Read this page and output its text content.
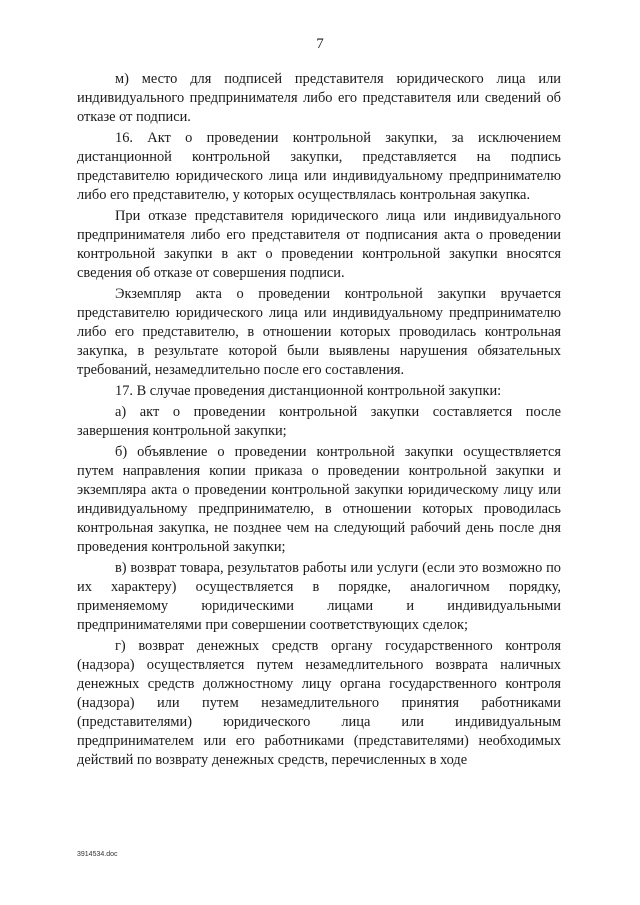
7

м) место для подписей представителя юридического лица или индивидуального предпринимателя либо его представителя или сведений об отказе от подписи.

16. Акт о проведении контрольной закупки, за исключением дистанционной контрольной закупки, представляется на подпись представителю юридического лица или индивидуальному предпринимателю либо его представителю, у которых осуществлялась контрольная закупка.

При отказе представителя юридического лица или индивидуального предпринимателя либо его представителя от подписания акта о проведении контрольной закупки в акт о проведении контрольной закупки вносятся сведения об отказе от совершения подписи.

Экземпляр акта о проведении контрольной закупки вручается представителю юридического лица или индивидуальному предпринимателю либо его представителю, в отношении которых проводилась контрольная закупка, в результате которой были выявлены нарушения обязательных требований, незамедлительно после его составления.

17. В случае проведения дистанционной контрольной закупки:

а) акт о проведении контрольной закупки составляется после завершения контрольной закупки;

б) объявление о проведении контрольной закупки осуществляется путем направления копии приказа о проведении контрольной закупки и экземпляра акта о проведении контрольной закупки юридическому лицу или индивидуальному предпринимателю, в отношении которых проводилась контрольная закупка, не позднее чем на следующий рабочий день после дня проведения контрольной закупки;

в) возврат товара, результатов работы или услуги (если это возможно по их характеру) осуществляется в порядке, аналогичном порядку, применяемому юридическими лицами и индивидуальными предпринимателями при совершении соответствующих сделок;

г) возврат денежных средств органу государственного контроля (надзора) осуществляется путем незамедлительного возврата наличных денежных средств должностному лицу органа государственного контроля (надзора) или путем незамедлительного принятия работниками (представителями) юридического лица или индивидуальным предпринимателем или его работниками (представителями) необходимых действий по возврату денежных средств, перечисленных в ходе

3914534.doc
